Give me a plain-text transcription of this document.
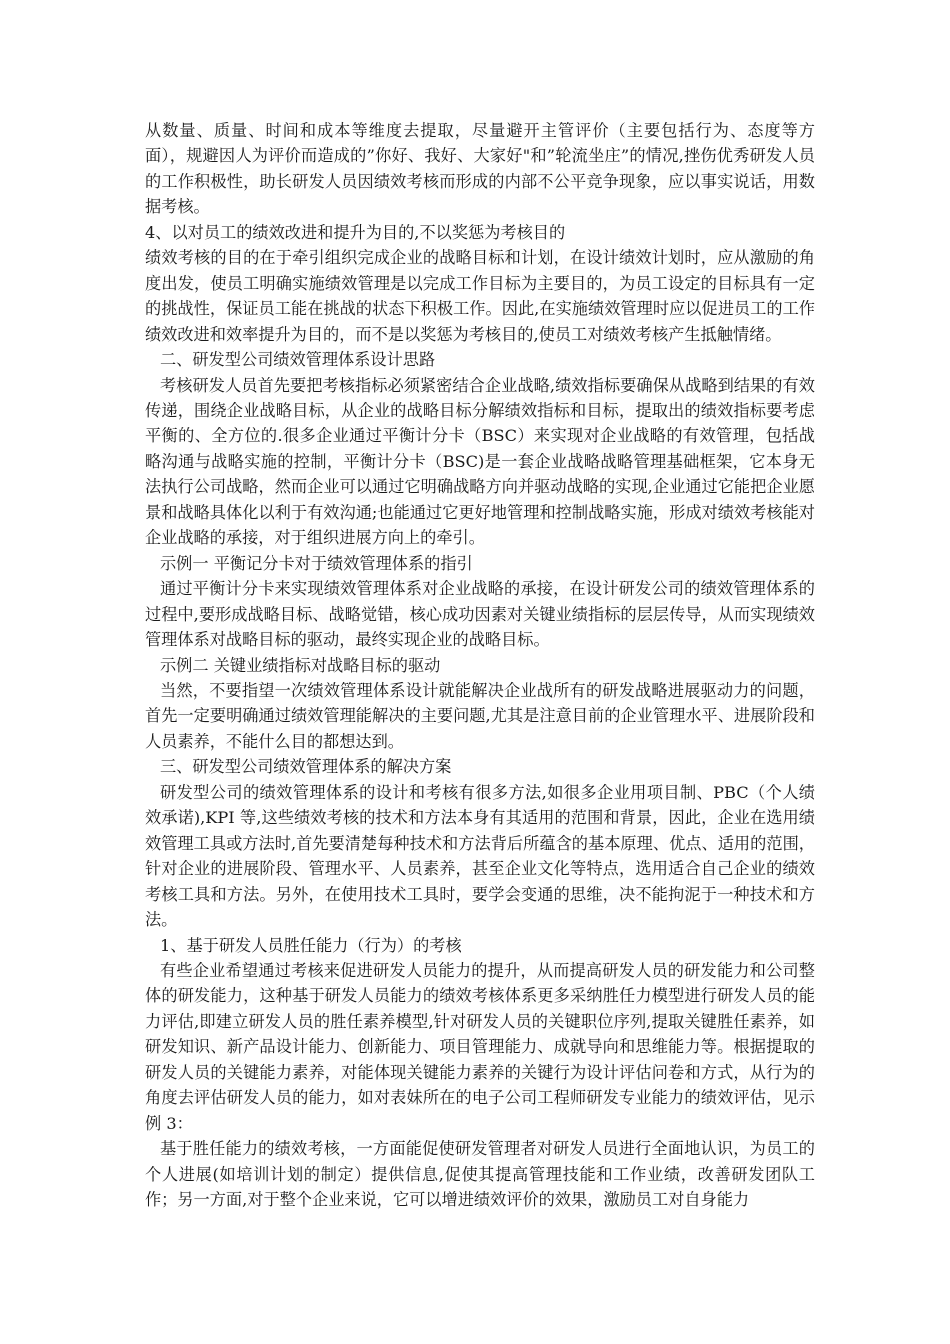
从数量、质量、时间和成本等维度去提取，尽量避开主管评价（主要包括行为、态度等方面），规避因人为评价而造成的”你好、我好、大家好"和”轮流坐庄”的情况,挫伤优秀研发人员的工作积极性，助长研发人员因绩效考核而形成的内部不公平竞争现象，应以事实说话，用数据考核。

4、以对员工的绩效改进和提升为目的,不以奖惩为考核目的

绩效考核的目的在于牵引组织完成企业的战略目标和计划，在设计绩效计划时，应从激励的角度出发，使员工明确实施绩效管理是以完成工作目标为主要目的，为员工设定的目标具有一定的挑战性，保证员工能在挑战的状态下积极工作。因此,在实施绩效管理时应以促进员工的工作绩效改进和效率提升为目的，而不是以奖惩为考核目的,使员工对绩效考核产生抵触情绪。

二、研发型公司绩效管理体系设计思路

考核研发人员首先要把考核指标必须紧密结合企业战略,绩效指标要确保从战略到结果的有效传递，围绕企业战略目标，从企业的战略目标分解绩效指标和目标，提取出的绩效指标要考虑平衡的、全方位的.很多企业通过平衡计分卡（BSC）来实现对企业战略的有效管理，包括战略沟通与战略实施的控制，平衡计分卡（BSC)是一套企业战略战略管理基础框架，它本身无法执行公司战略，然而企业可以通过它明确战略方向并驱动战略的实现,企业通过它能把企业愿景和战略具体化以利于有效沟通;也能通过它更好地管理和控制战略实施，形成对绩效考核能对企业战略的承接，对于组织进展方向上的牵引。

示例一 平衡记分卡对于绩效管理体系的指引

通过平衡计分卡来实现绩效管理体系对企业战略的承接，在设计研发公司的绩效管理体系的过程中,要形成战略目标、战略觉错，核心成功因素对关键业绩指标的层层传导，从而实现绩效管理体系对战略目标的驱动，最终实现企业的战略目标。

示例二 关键业绩指标对战略目标的驱动

当然，不要指望一次绩效管理体系设计就能解决企业战所有的研发战略进展驱动力的问题，首先一定要明确通过绩效管理能解决的主要问题,尤其是注意目前的企业管理水平、进展阶段和人员素养，不能什么目的都想达到。

三、研发型公司绩效管理体系的解决方案

研发型公司的绩效管理体系的设计和考核有很多方法,如很多企业用项目制、PBC（个人绩效承诺),KPI 等,这些绩效考核的技术和方法本身有其适用的范围和背景，因此，企业在选用绩效管理工具或方法时,首先要清楚每种技术和方法背后所蕴含的基本原理、优点、适用的范围，针对企业的进展阶段、管理水平、人员素养，甚至企业文化等特点，选用适合自己企业的绩效考核工具和方法。另外，在使用技术工具时，要学会变通的思维，决不能拘泥于一种技术和方法。

1、基于研发人员胜任能力（行为）的考核

有些企业希望通过考核来促进研发人员能力的提升，从而提高研发人员的研发能力和公司整体的研发能力，这种基于研发人员能力的绩效考核体系更多采纳胜任力模型进行研发人员的能力评估,即建立研发人员的胜任素养模型,针对研发人员的关键职位序列,提取关键胜任素养，如研发知识、新产品设计能力、创新能力、项目管理能力、成就导向和思维能力等。根据提取的研发人员的关键能力素养，对能体现关键能力素养的关键行为设计评估问卷和方式，从行为的角度去评估研发人员的能力，如对表妹所在的电子公司工程师研发专业能力的绩效评估，见示例 3：

基于胜任能力的绩效考核，一方面能促使研发管理者对研发人员进行全面地认识，为员工的个人进展(如培训计划的制定）提供信息,促使其提高管理技能和工作业绩，改善研发团队工作；另一方面,对于整个企业来说，它可以增进绩效评价的效果，激励员工对自身能力
